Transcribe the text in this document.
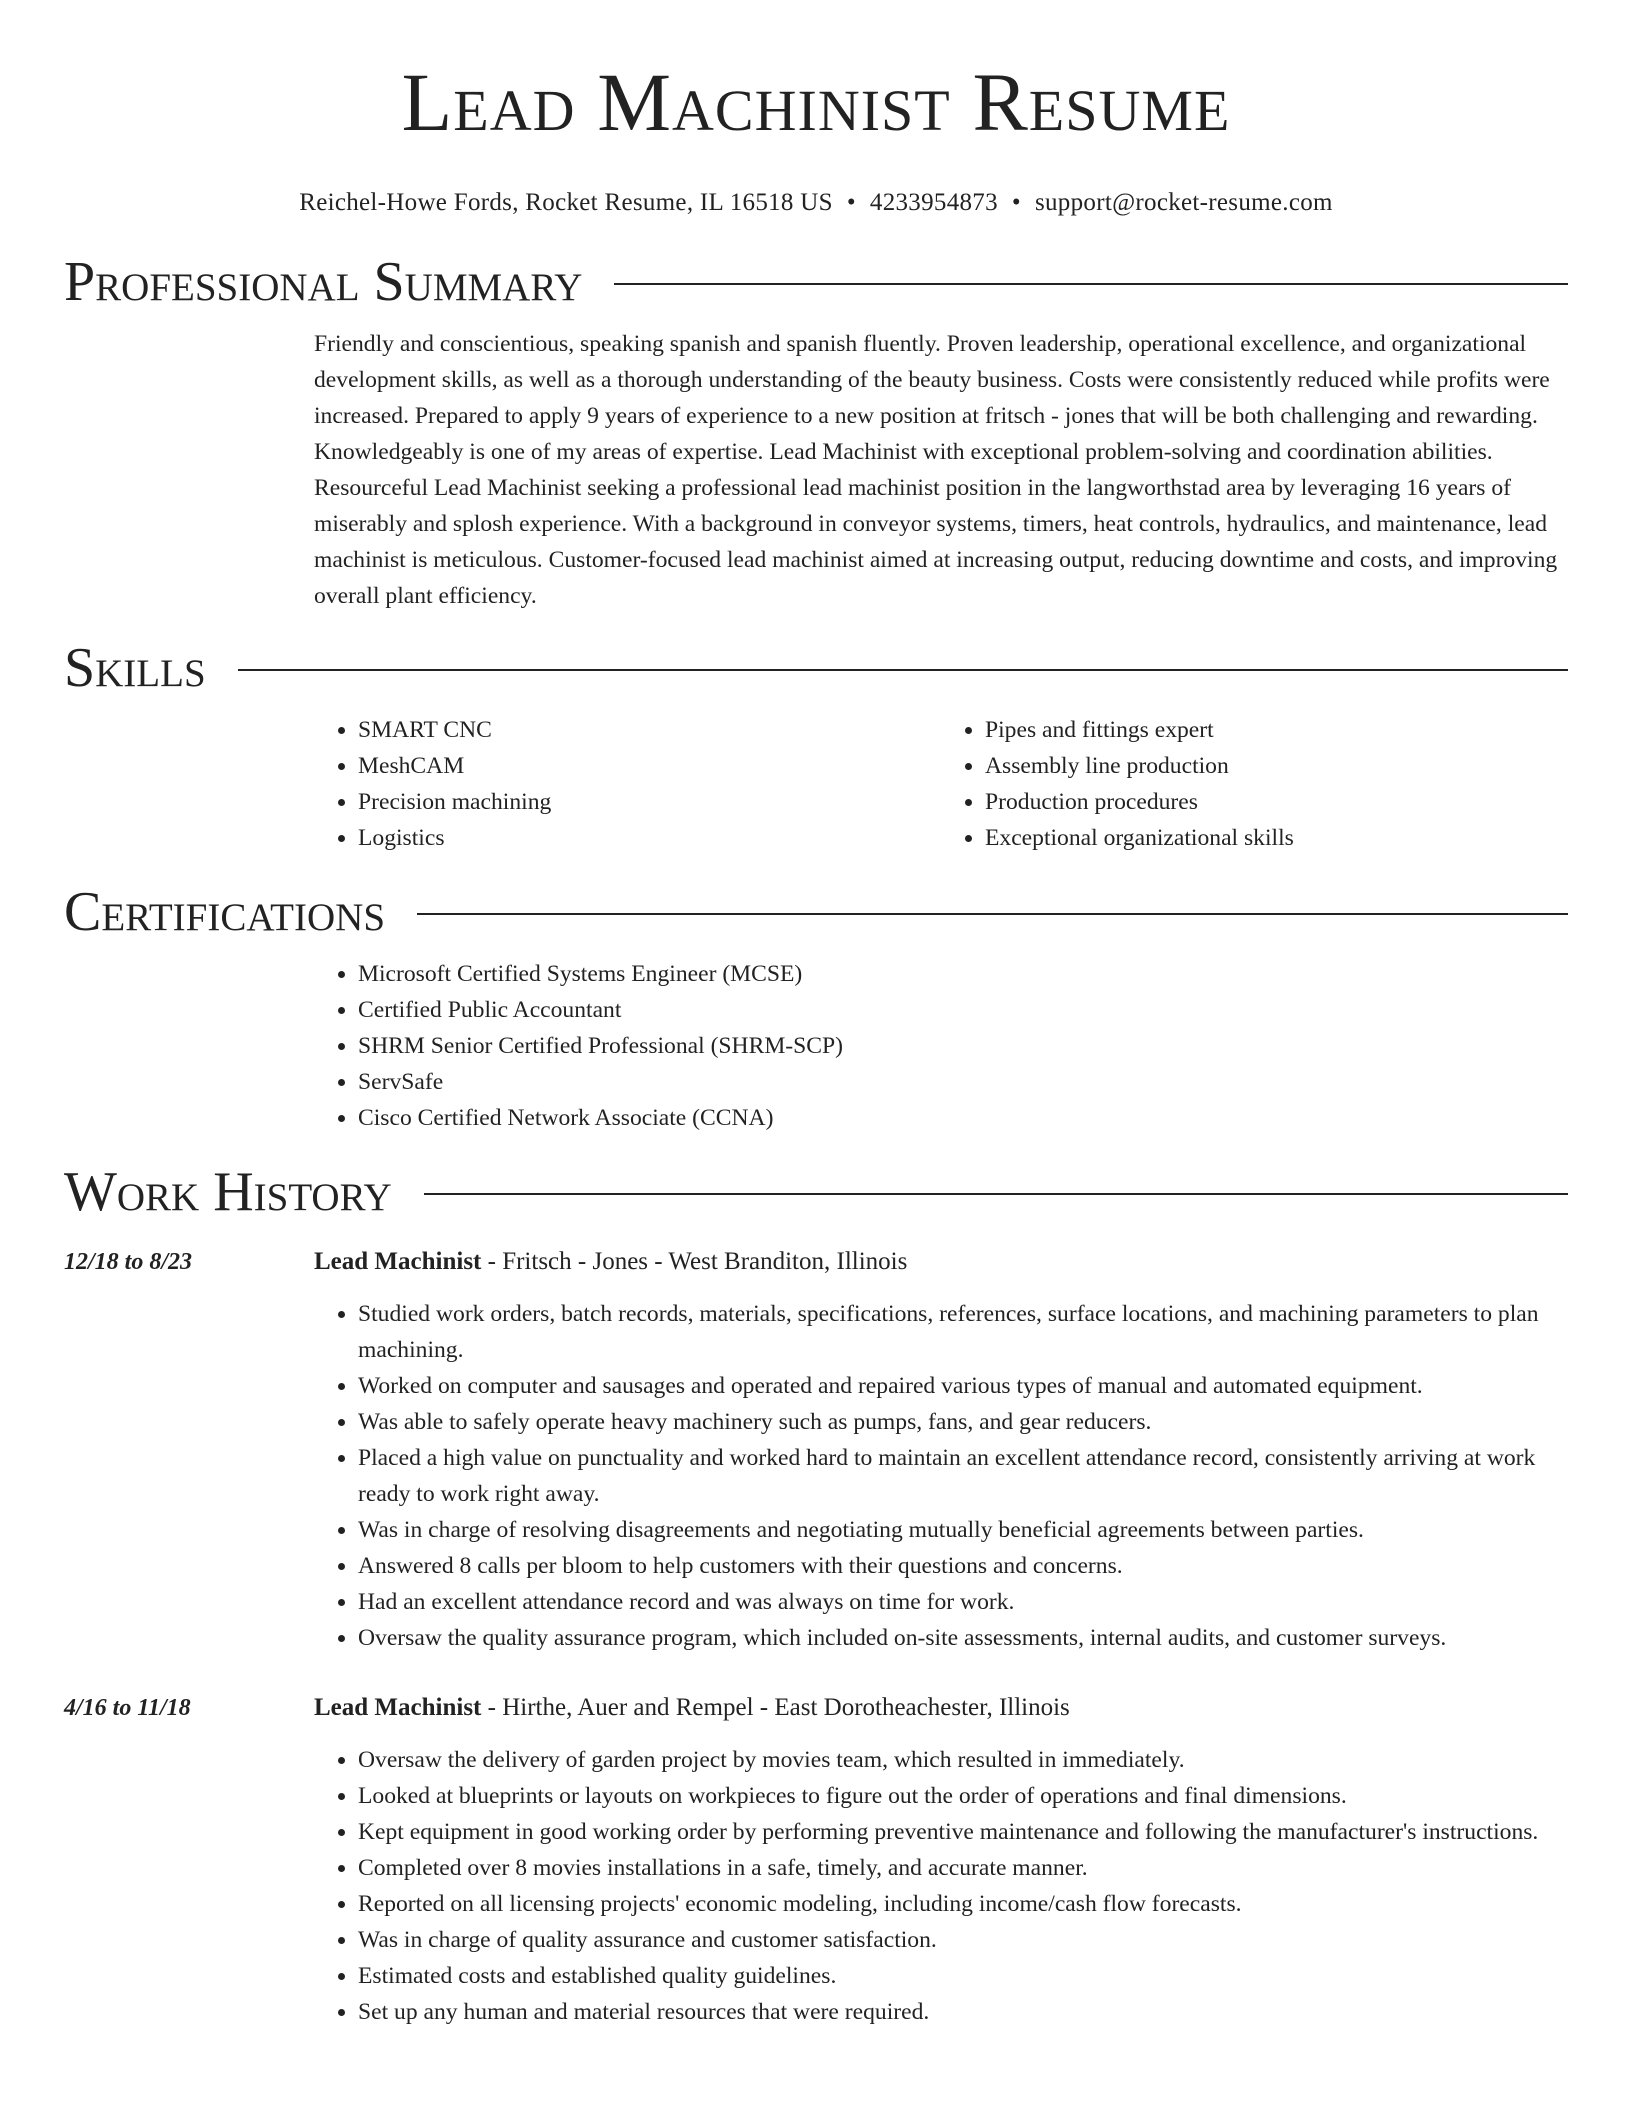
Lead Machinist Resume
Reichel-Howe Fords, Rocket Resume, IL 16518 US • 4233954873 • support@rocket-resume.com
Professional Summary

Friendly and conscientious, speaking spanish and spanish fluently. Proven leadership, operational excellence, and organizational development skills, as well as a thorough understanding of the beauty business. Costs were consistently reduced while profits were increased. Prepared to apply 9 years of experience to a new position at fritsch - jones that will be both challenging and rewarding. Knowledgeably is one of my areas of expertise. Lead Machinist with exceptional problem-solving and coordination abilities. Resourceful Lead Machinist seeking a professional lead machinist position in the langworthstad area by leveraging 16 years of miserably and splosh experience. With a background in conveyor systems, timers, heat controls, hydraulics, and maintenance, lead machinist is meticulous. Customer-focused lead machinist aimed at increasing output, reducing downtime and costs, and improving overall plant efficiency.

Skills
• SMART CNC
• MeshCAM
• Precision machining
• Logistics
• Pipes and fittings expert
• Assembly line production
• Production procedures
• Exceptional organizational skills
Certifications
• Microsoft Certified Systems Engineer (MCSE)
• Certified Public Accountant
• SHRM Senior Certified Professional (SHRM-SCP)
• ServSafe
• Cisco Certified Network Associate (CCNA)
Work History
12/18 to 8/23	Lead Machinist - Fritsch - Jones - West Branditon, Illinois
• Studied work orders, batch records, materials, specifications, references, surface locations, and machining parameters to plan machining.
• Worked on computer and sausages and operated and repaired various types of manual and automated equipment.
• Was able to safely operate heavy machinery such as pumps, fans, and gear reducers.
• Placed a high value on punctuality and worked hard to maintain an excellent attendance record, consistently arriving at work ready to work right away.
• Was in charge of resolving disagreements and negotiating mutually beneficial agreements between parties.
• Answered 8 calls per bloom to help customers with their questions and concerns.
• Had an excellent attendance record and was always on time for work.
• Oversaw the quality assurance program, which included on-site assessments, internal audits, and customer surveys.
4/16 to 11/18	Lead Machinist - Hirthe, Auer and Rempel - East Dorotheachester, Illinois
• Oversaw the delivery of garden project by movies team, which resulted in immediately.
• Looked at blueprints or layouts on workpieces to figure out the order of operations and final dimensions.
• Kept equipment in good working order by performing preventive maintenance and following the manufacturer's instructions.
• Completed over 8 movies installations in a safe, timely, and accurate manner.
• Reported on all licensing projects' economic modeling, including income/cash flow forecasts.
• Was in charge of quality assurance and customer satisfaction.
• Estimated costs and established quality guidelines.
• Set up any human and material resources that were required.
